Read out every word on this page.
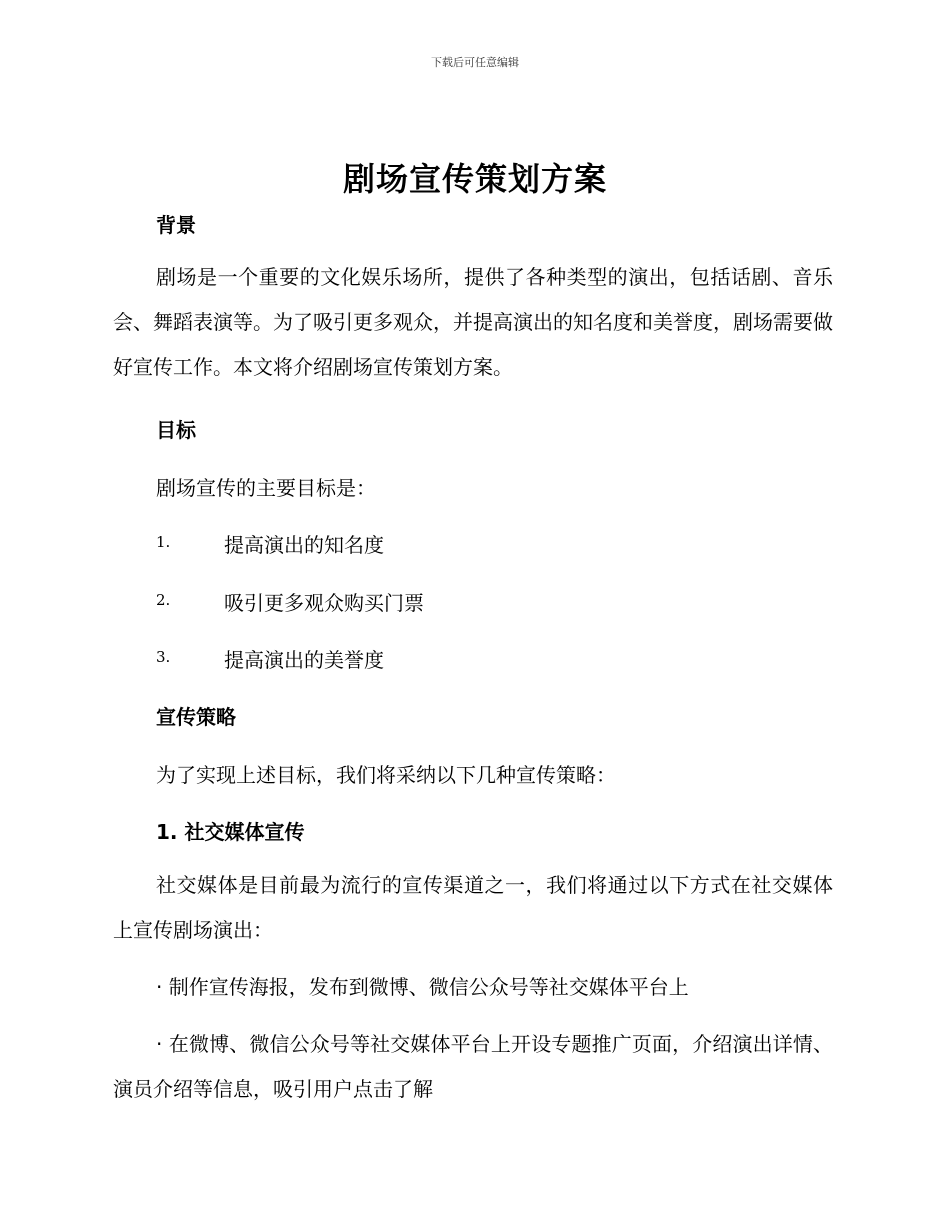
下载后可任意编辑
剧场宣传策划方案
背景
剧场是一个重要的文化娱乐场所，提供了各种类型的演出，包括话剧、音乐会、舞蹈表演等。为了吸引更多观众，并提高演出的知名度和美誉度，剧场需要做好宣传工作。本文将介绍剧场宣传策划方案。
目标
剧场宣传的主要目标是：
1.	提高演出的知名度
2.	吸引更多观众购买门票
3.	提高演出的美誉度
宣传策略
为了实现上述目标，我们将采纳以下几种宣传策略：
1. 社交媒体宣传
社交媒体是目前最为流行的宣传渠道之一，我们将通过以下方式在社交媒体上宣传剧场演出：
· 制作宣传海报，发布到微博、微信公众号等社交媒体平台上
· 在微博、微信公众号等社交媒体平台上开设专题推广页面，介绍演出详情、演员介绍等信息，吸引用户点击了解
